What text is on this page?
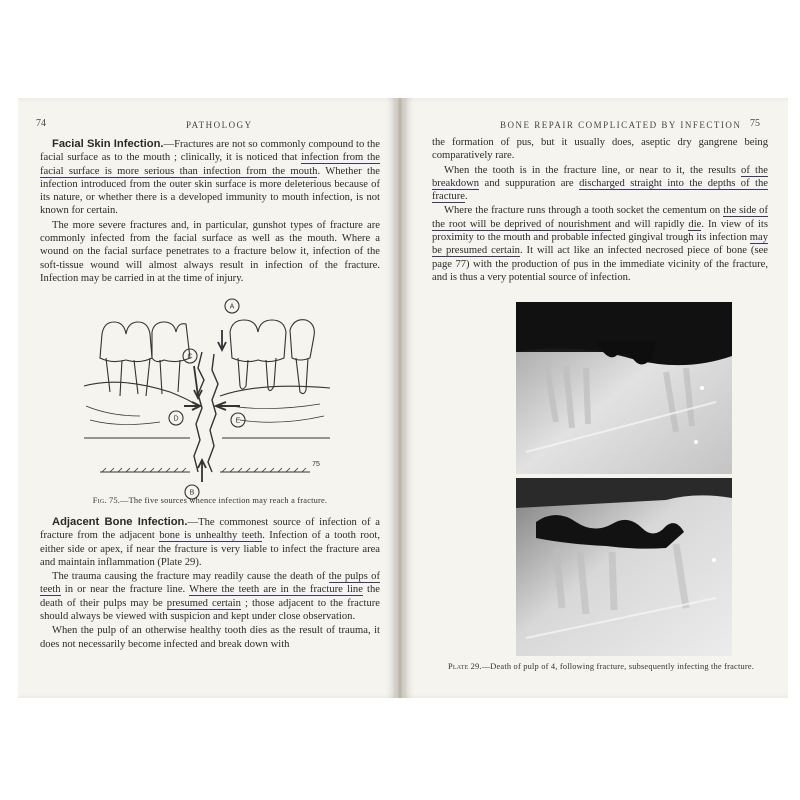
74	PATHOLOGY

Facial Skin Infection.—Fractures are not so commonly compound to the facial surface as to the mouth ; clinically, it is noticed that infection from the facial surface is more serious than infection from the mouth. Whether the infection introduced from the outer skin surface is more deleterious because of its nature, or whether there is a developed immunity to mouth infection, is not known for certain.

The more severe fractures and, in particular, gunshot types of fracture are commonly infected from the facial surface as well as the mouth. Where a wound on the facial surface penetrates to a fracture below it, infection of the soft-tissue wound will almost always result in infection of the fracture. Infection may be carried in at the time of injury.

A
C
D	E
B
75
Fig. 75.—The five sources whence infection may reach a fracture.

Adjacent Bone Infection.—The commonest source of infection of a fracture from the adjacent bone is unhealthy teeth. Infection of a tooth root, either side or apex, if near the fracture is very liable to infect the fracture area and maintain inflammation (Plate 29).

The trauma causing the fracture may readily cause the death of the pulps of teeth in or near the fracture line. Where the teeth are in the fracture line the death of their pulps may be presumed certain ; those adjacent to the fracture should always be viewed with suspicion and kept under close observation.

When the pulp of an otherwise healthy tooth dies as the result of trauma, it does not necessarily become infected and break down with

BONE REPAIR COMPLICATED BY INFECTION 75

the formation of pus, but it usually does, aseptic dry gangrene being comparatively rare.

When the tooth is in the fracture line, or near to it, the results of the breakdown and suppuration are discharged straight into the depths of the fracture.

Where the fracture runs through a tooth socket the cementum on the side of the root will be deprived of nourishment and will rapidly die. In view of its proximity to the mouth and probable infected gingival trough its infection may be presumed certain. It will act like an infected necrosed piece of bone (see page 77) with the production of pus in the immediate vicinity of the fracture, and is thus a very potential source of infection.

Plate 29.—Death of pulp of 4, following fracture, subsequently infecting the fracture.
